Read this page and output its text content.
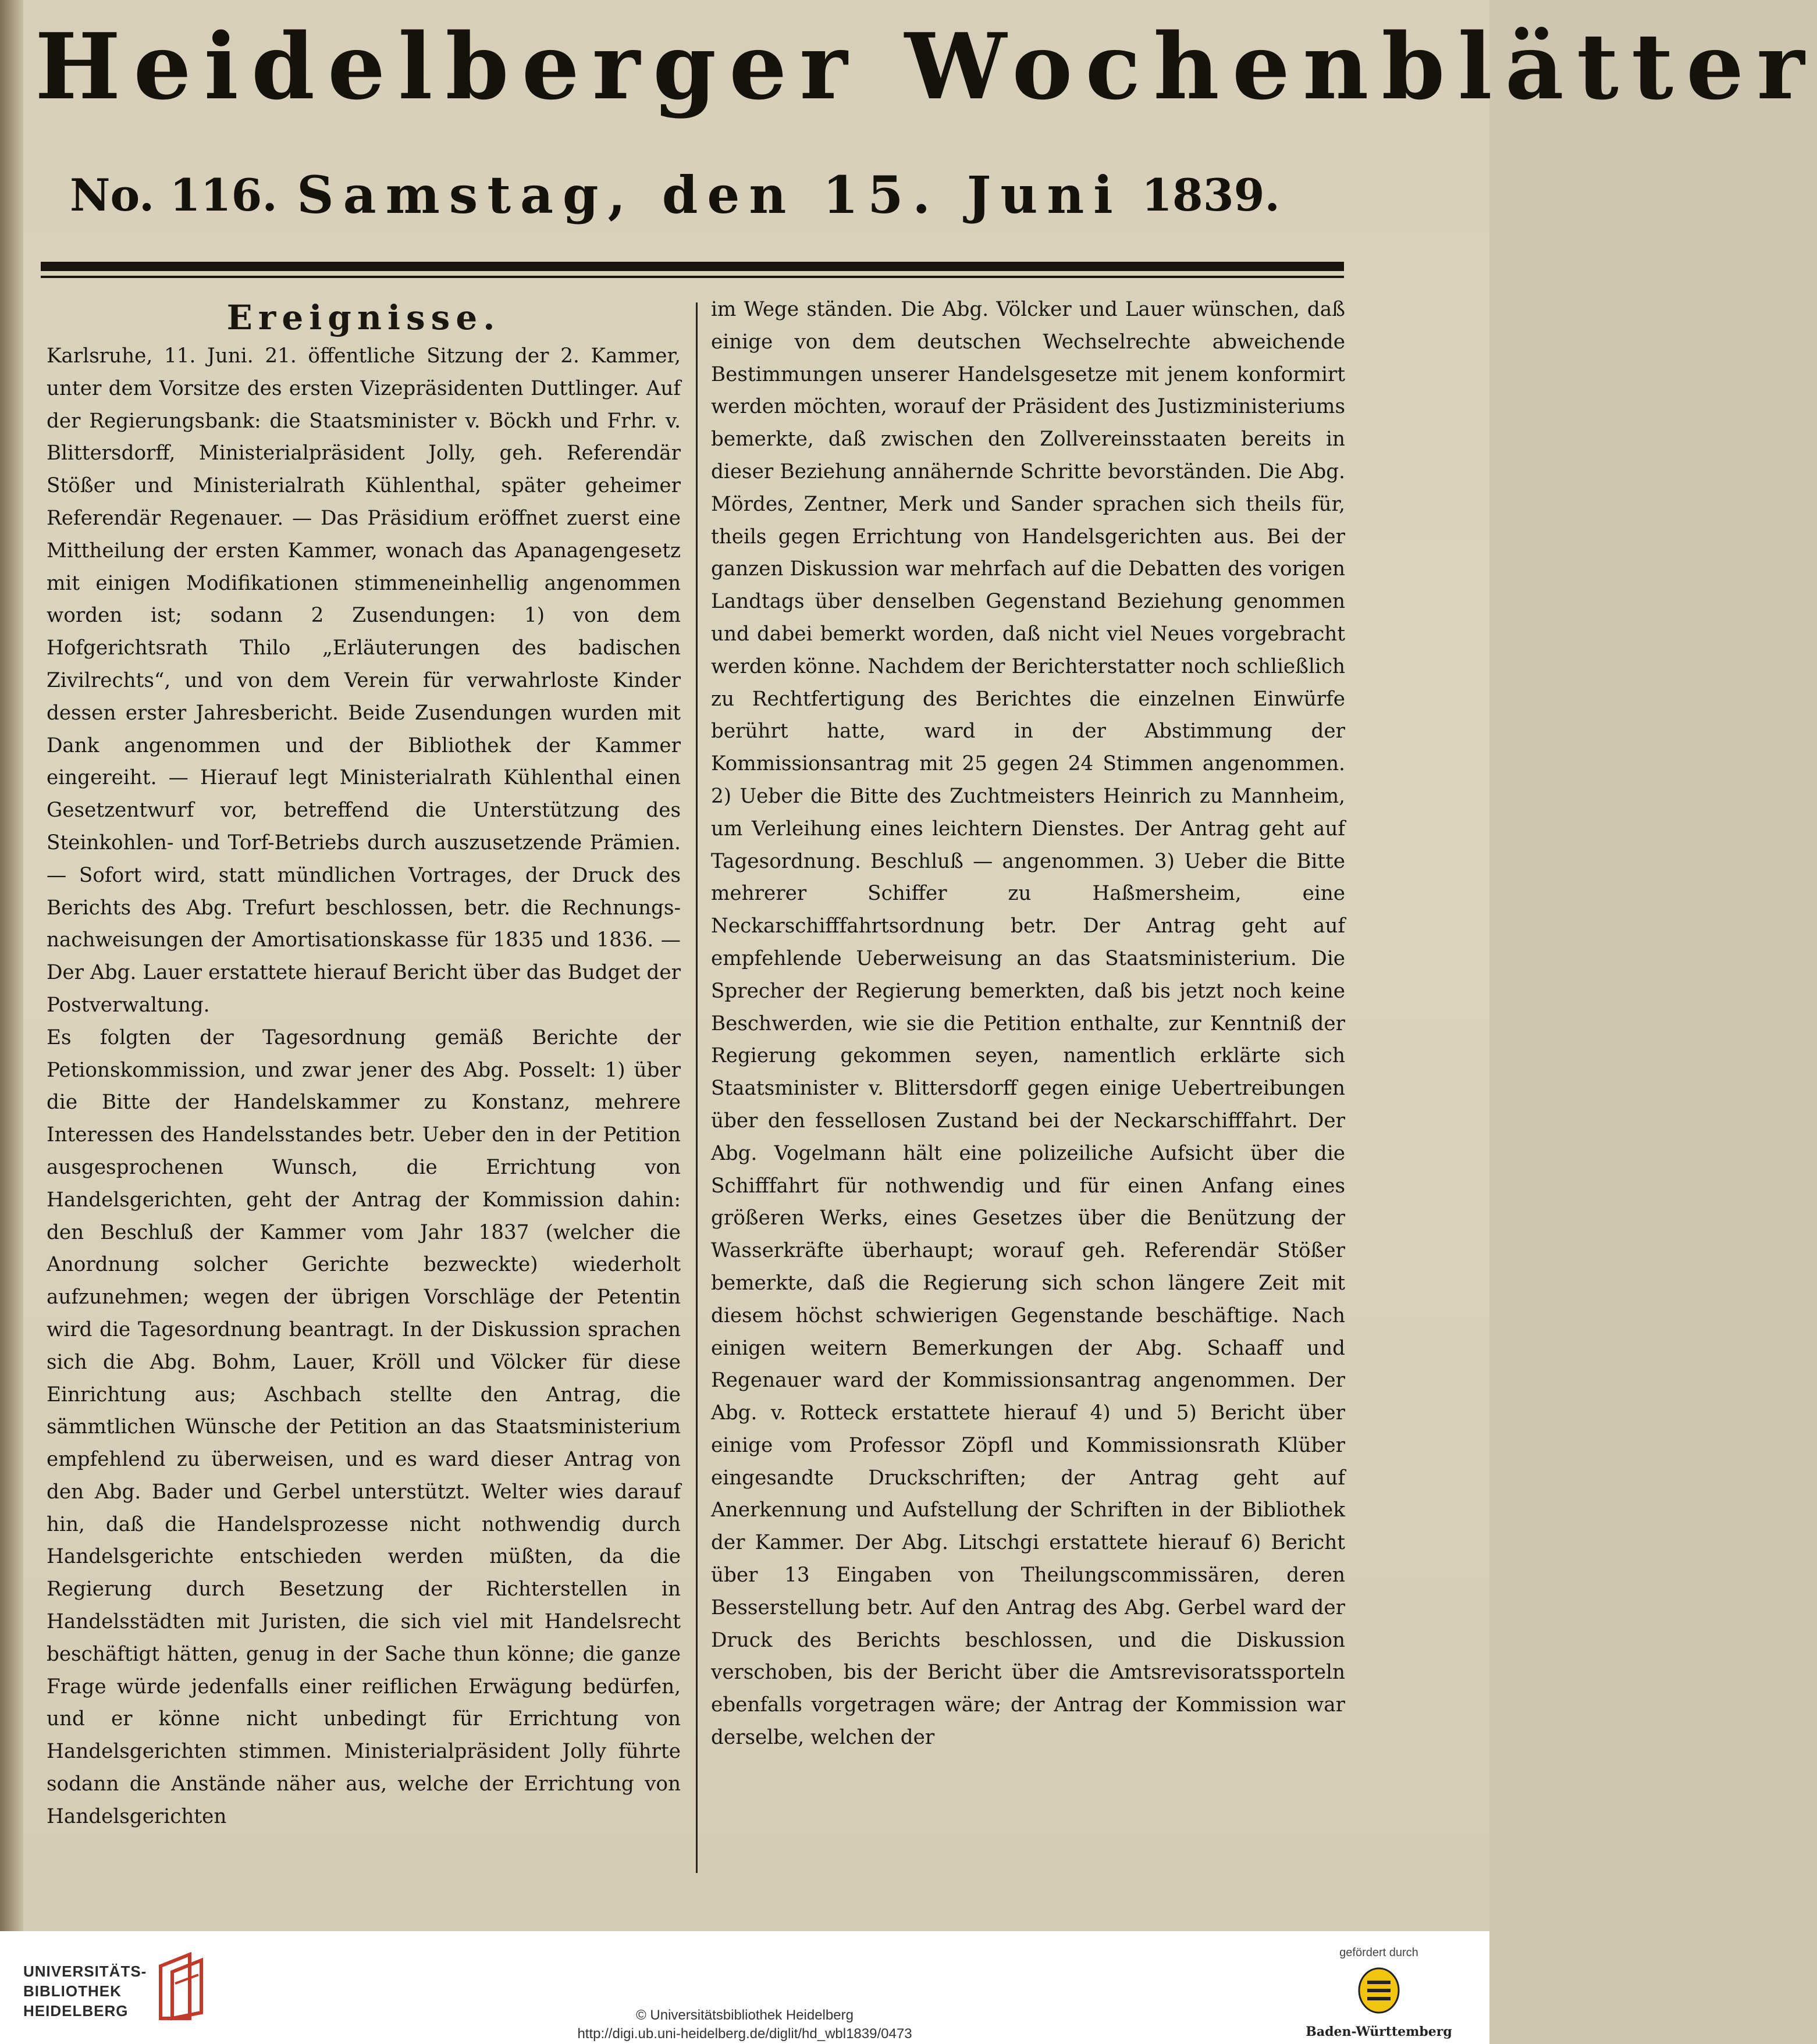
Heidelberger Wochenblätter
No. 116. Samstag, den 15. Juni 1839.
Ereignisse.

Karlsruhe, 11. Juni. 21. öffentliche Sitzung der 2. Kammer, unter dem Vorsitze des ersten Vizepräsidenten Duttlinger. Auf der Regierungsbank: die Staatsminister v. Böckh und Frhr. v. Blittersdorff, Ministerialpräsident Jolly, geh. Referendär Stößer und Ministerialrath Kühlenthal, später geheimer Referendär Regenauer. — Das Präsidium eröffnet zuerst eine Mittheilung der ersten Kammer, wonach das Apanagengesetz mit einigen Modifikationen stimmeneinhellig angenommen worden ist; sodann 2 Zusendungen: 1) von dem Hofgerichtsrath Thilo „Erläuterungen des badischen Zivilrechts“, und von dem Verein für verwahrloste Kinder dessen erster Jahresbericht. Beide Zusendungen wurden mit Dank angenommen und der Bibliothek der Kammer eingereiht. — Hierauf legt Ministerialrath Kühlenthal einen Gesetzentwurf vor, betreffend die Unterstützung des Steinkohlen- und Torf-Betriebs durch auszusetzende Prämien. — Sofort wird, statt mündlichen Vortrages, der Druck des Berichts des Abg. Trefurt beschlossen, betr. die Rechnungsnachweisungen der Amortisationskasse für 1835 und 1836. — Der Abg. Lauer erstattete hierauf Bericht über das Budget der Postverwaltung.

Es folgten der Tagesordnung gemäß Berichte der Petionskommission, und zwar jener des Abg. Posselt: 1) über die Bitte der Handelskammer zu Konstanz, mehrere Interessen des Handelsstandes betr. Ueber den in der Petition ausgesprochenen Wunsch, die Errichtung von Handelsgerichten, geht der Antrag der Kommission dahin: den Beschluß der Kammer vom Jahr 1837 (welcher die Anordnung solcher Gerichte bezweckte) wiederholt aufzunehmen; wegen der übrigen Vorschläge der Petentin wird die Tagesordnung beantragt. In der Diskussion sprachen sich die Abg. Bohm, Lauer, Kröll und Völcker für diese Einrichtung aus; Aschbach stellte den Antrag, die sämmtlichen Wünsche der Petition an das Staatsministerium empfehlend zu überweisen, und es ward dieser Antrag von den Abg. Bader und Gerbel unterstützt. Welter wies darauf hin, daß die Handelsprozesse nicht nothwendig durch Handelsgerichte entschieden werden müßten, da die Regierung durch Besetzung der Richterstellen in Handelsstädten mit Juristen, die sich viel mit Handelsrecht beschäftigt hätten, genug in der Sache thun könne; die ganze Frage würde jedenfalls einer reiflichen Erwägung bedürfen, und er könne nicht unbedingt für Errichtung von Handelsgerichten stimmen. Ministerialpräsident Jolly führte sodann die Anstände näher aus, welche der Errichtung von Handelsgerichten

im Wege ständen. Die Abg. Völcker und Lauer wünschen, daß einige von dem deutschen Wechselrechte abweichende Bestimmungen unserer Handelsgesetze mit jenem konformirt werden möchten, worauf der Präsident des Justizministeriums bemerkte, daß zwischen den Zollvereinsstaaten bereits in dieser Beziehung annähernde Schritte bevorständen. Die Abg. Mördes, Zentner, Merk und Sander sprachen sich theils für, theils gegen Errichtung von Handelsgerichten aus. Bei der ganzen Diskussion war mehrfach auf die Debatten des vorigen Landtags über denselben Gegenstand Beziehung genommen und dabei bemerkt worden, daß nicht viel Neues vorgebracht werden könne. Nachdem der Berichterstatter noch schließlich zu Rechtfertigung des Berichtes die einzelnen Einwürfe berührt hatte, ward in der Abstimmung der Kommissionsantrag mit 25 gegen 24 Stimmen angenommen. 2) Ueber die Bitte des Zuchtmeisters Heinrich zu Mannheim, um Verleihung eines leichtern Dienstes. Der Antrag geht auf Tagesordnung. Beschluß — angenommen. 3) Ueber die Bitte mehrerer Schiffer zu Haßmersheim, eine Neckarschifffahrtsordnung betr. Der Antrag geht auf empfehlende Ueberweisung an das Staatsministerium. Die Sprecher der Regierung bemerkten, daß bis jetzt noch keine Beschwerden, wie sie die Petition enthalte, zur Kenntniß der Regierung gekommen seyen, namentlich erklärte sich Staatsminister v. Blittersdorff gegen einige Uebertreibungen über den fessellosen Zustand bei der Neckarschifffahrt. Der Abg. Vogelmann hält eine polizeiliche Aufsicht über die Schifffahrt für nothwendig und für einen Anfang eines größeren Werks, eines Gesetzes über die Benützung der Wasserkräfte überhaupt; worauf geh. Referendär Stößer bemerkte, daß die Regierung sich schon längere Zeit mit diesem höchst schwierigen Gegenstande beschäftige. Nach einigen weitern Bemerkungen der Abg. Schaaff und Regenauer ward der Kommissionsantrag angenommen. Der Abg. v. Rotteck erstattete hierauf 4) und 5) Bericht über einige vom Professor Zöpfl und Kommissionsrath Klüber eingesandte Druckschriften; der Antrag geht auf Anerkennung und Aufstellung der Schriften in der Bibliothek der Kammer. Der Abg. Litschgi erstattete hierauf 6) Bericht über 13 Eingaben von Theilungscommissären, deren Besserstellung betr. Auf den Antrag des Abg. Gerbel ward der Druck des Berichts beschlossen, und die Diskussion verschoben, bis der Bericht über die Amtsrevisoratssporteln ebenfalls vorgetragen wäre; der Antrag der Kommission war derselbe, welchen der

UNIVERSITÄTS-
BIBLIOTHEK
HEIDELBERG	© Universitätsbibliothek Heidelberg
http://digi.ub.uni-heidelberg.de/diglit/hd_wbl1839/0473
gefördert durch
Baden-Württemberg
